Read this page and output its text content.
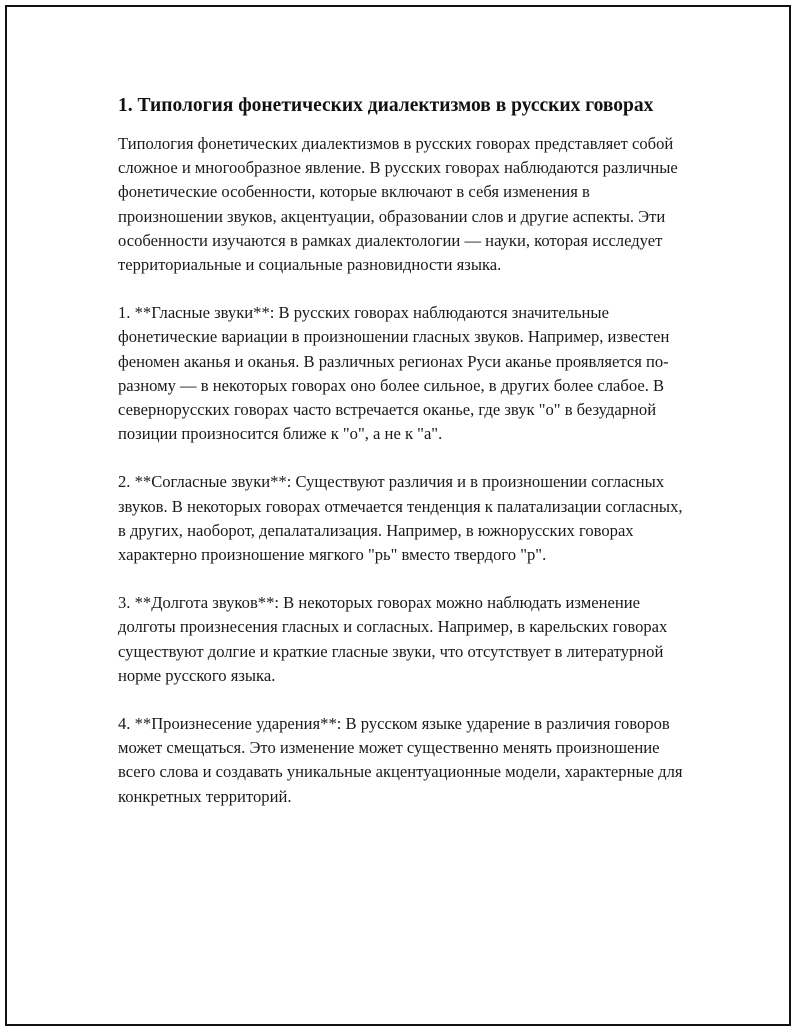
1. Типология фонетических диалектизмов в русских говорах

Типология фонетических диалектизмов в русских говорах представляет собой сложное и многообразное явление. В русских говорах наблюдаются различные фонетические особенности, которые включают в себя изменения в произношении звуков, акцентуации, образовании слов и другие аспекты. Эти особенности изучаются в рамках диалектологии — науки, которая исследует территориальные и социальные разновидности языка.

1. **Гласные звуки**: В русских говорах наблюдаются значительные фонетические вариации в произношении гласных звуков. Например, известен феномен аканья и оканья. В различных регионах Руси аканье проявляется по-разному — в некоторых говорах оно более сильное, в других более слабое. В севернорусских говорах часто встречается оканье, где звук "о" в безударной позиции произносится ближе к "о", а не к "а".

2. **Согласные звуки**: Существуют различия и в произношении согласных звуков. В некоторых говорах отмечается тенденция к палатализации согласных, в других, наоборот, депалатализация. Например, в южнорусских говорах характерно произношение мягкого "рь" вместо твердого "р".

3. **Долгота звуков**: В некоторых говорах можно наблюдать изменение долготы произнесения гласных и согласных. Например, в карельских говорах существуют долгие и краткие гласные звуки, что отсутствует в литературной норме русского языка.

4. **Произнесение ударения**: В русском языке ударение в различия говоров может смещаться. Это изменение может существенно менять произношение всего слова и создавать уникальные акцентуационные модели, характерные для конкретных территорий.
